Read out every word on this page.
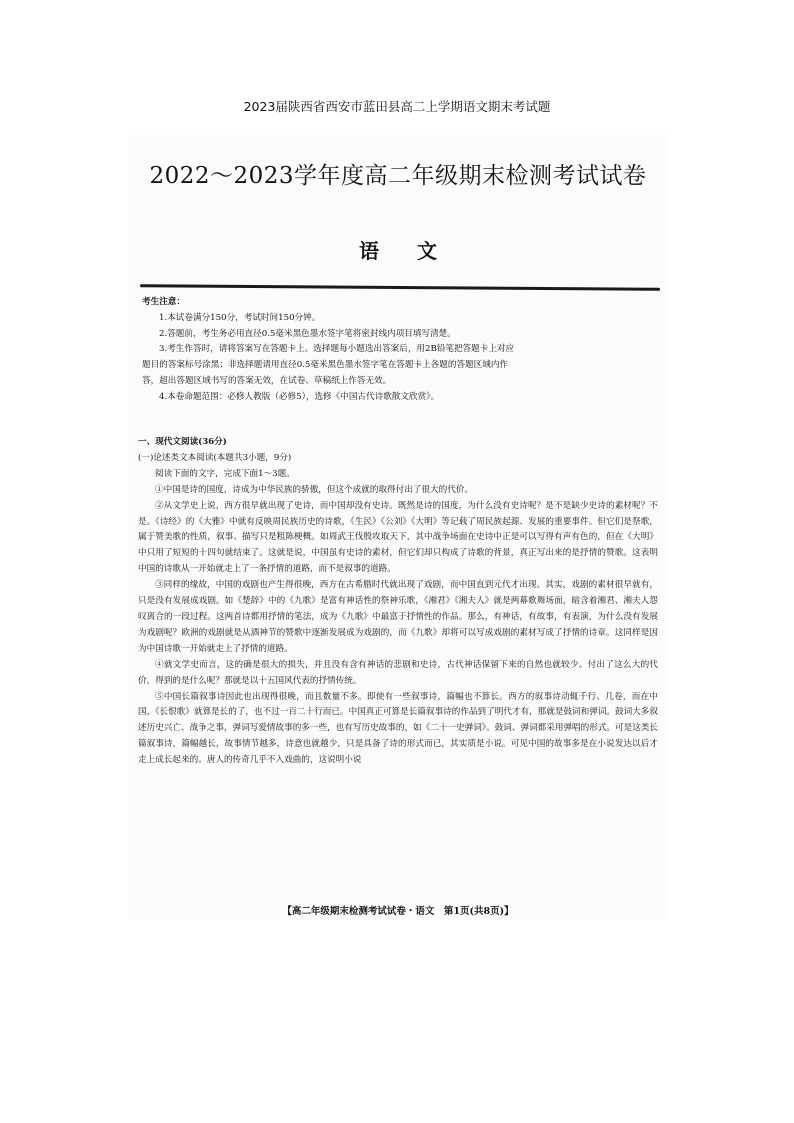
2023届陕西省西安市蓝田县高二上学期语文期末考试题
2022～2023学年度高二年级期末检测考试试卷
语文
考生注意：

1.本试卷满分150分，考试时间150分钟。

2.答题前，考生务必用直径0.5毫米黑色墨水签字笔将密封线内项目填写清楚。

3.考生作答时，请将答案写在答题卡上。选择题每小题选出答案后，用2B铅笔把答题卡上对应

题目的答案标号涂黑；非选择题请用直径0.5毫米黑色墨水签字笔在答题卡上各题的答题区域内作

答，超出答题区域书写的答案无效，在试卷、草稿纸上作答无效。

4.本卷命题范围：必修人教版（必修5），选修《中国古代诗歌散文欣赏》。

一、现代文阅读(36分)

(一)论述类文本阅读(本题共3小题，9分)

阅读下面的文字，完成下面1～3题。

①中国是诗的国度，诗成为中华民族的骄傲，但这个成就的取得付出了很大的代价。

②从文学史上说，西方很早就出现了史诗，而中国却没有史诗。既然是诗的国度，为什么没有史诗呢？是不是缺少史诗的素材呢？不是。《诗经》的《大雅》中就有反映周民族历史的诗歌，《生民》《公刘》《大明》等记载了周民族起源、发展的重要事件。但它们是祭歌，属于赞美歌的性质，叙事、描写只是粗陈梗概。如周武王伐殷攻取天下，其中战争场面在史诗中正是可以写得有声有色的，但在《大明》中只用了短短的十四句就结束了。这就是说，中国虽有史诗的素材，但它们却只构成了诗歌的背景，真正写出来的是抒情的赞歌。这表明中国的诗歌从一开始就走上了一条抒情的道路，而不是叙事的道路。

③同样的缘故，中国的戏剧也产生得很晚，西方在古希腊时代就出现了戏剧，而中国直到元代才出现。其实，戏剧的素材很早就有，只是没有发展成戏剧。如《楚辞》中的《九歌》是富有神话性的祭神乐歌，《湘君》《湘夫人》就是两幕歌舞场面，暗含着湘君、湘夫人怨叹离合的一段过程。这两首诗都用抒情的笔法，成为《九歌》中最富于抒情性的作品。那么，有神话，有故事，有表演，为什么没有发展为戏剧呢？欧洲的戏剧就是从酒神节的赞歌中逐渐发展成为戏剧的，而《九歌》却将可以写成戏剧的素材写成了抒情的诗章。这同样是因为中国诗歌一开始就走上了抒情的道路。

④就文学史而言，这的确是很大的损失，并且没有含有神话的悲剧和史诗，古代神话保留下来的自然也就较少。付出了这么大的代价，得到的是什么呢？那就是以十五国风代表的抒情传统。

⑤中国长篇叙事诗因此也出现得很晚，而且数量不多。即使有一些叙事诗，篇幅也不算长。西方的叙事诗动辄千行、几卷，而在中国，《长恨歌》就算是长的了，也不过一百二十行而已。中国真正可算是长篇叙事诗的作品到了明代才有，那就是鼓词和弹词。鼓词大多叙述历史兴亡、战争之事，弹词写爱情故事的多一些，也有写历史故事的，如《二十一史弹词》。鼓词、弹词都采用弹唱的形式。可是这类长篇叙事诗，篇幅越长，故事情节越多，诗意也就越少，只是具备了诗的形式而已，其实质是小说。可见中国的故事多是在小说发达以后才走上成长起来的。唐人的传奇几乎不入戏曲的，这说明小说

【高二年级期末检测考试试卷・语文　第1页(共8页)】
